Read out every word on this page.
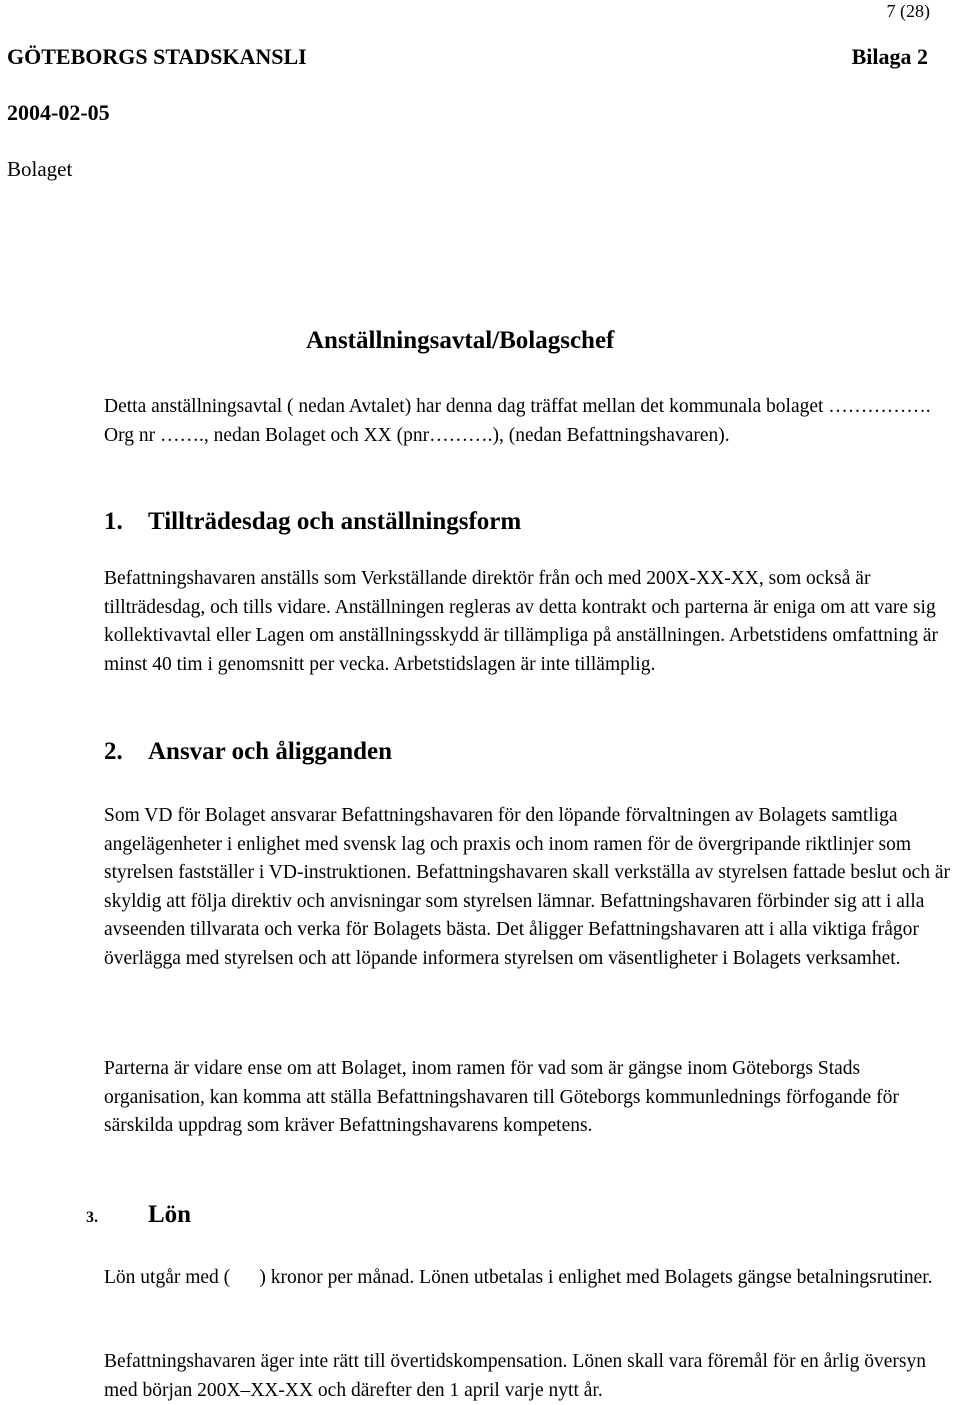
7 (28)
GÖTEBORGS STADSKANSLI	Bilaga 2
2004-02-05
Bolaget
Anställningsavtal/Bolagschef

Detta anställningsavtal ( nedan Avtalet) har denna dag träffat mellan det kommunala bolaget ……………. Org nr ……., nedan Bolaget och XX (pnr……….), (nedan Befattningshavaren).

1. Tillträdesdag och anställningsform

Befattningshavaren anställs som Verkställande direktör från och med 200X-XX-XX, som också är tillträdesdag, och tills vidare. Anställningen regleras av detta kontrakt och parterna är eniga om att vare sig kollektivavtal eller Lagen om anställningsskydd är tillämpliga på anställningen. Arbetstidens omfattning är minst 40 tim i genomsnitt per vecka. Arbetstidslagen är inte tillämplig.

2. Ansvar och åligganden

Som VD för Bolaget ansvarar Befattningshavaren för den löpande förvaltningen av Bolagets samtliga angelägenheter i enlighet med svensk lag och praxis och inom ramen för de övergripande riktlinjer som styrelsen fastställer i VD-instruktionen. Befattningshavaren skall verkställa av styrelsen fattade beslut och är skyldig att följa direktiv och anvisningar som styrelsen lämnar. Befattningshavaren förbinder sig att i alla avseenden tillvarata och verka för Bolagets bästa. Det åligger Befattningshavaren att i alla viktiga frågor överlägga med styrelsen och att löpande informera styrelsen om väsentligheter i Bolagets verksamhet.

Parterna är vidare ense om att Bolaget, inom ramen för vad som är gängse inom Göteborgs Stads organisation, kan komma att ställa Befattningshavaren till Göteborgs kommunlednings förfogande för särskilda uppdrag som kräver Befattningshavarens kompetens.

3. Lön

Lön utgår med (      ) kronor per månad. Lönen utbetalas i enlighet med Bolagets gängse betalningsrutiner.

Befattningshavaren äger inte rätt till övertidskompensation. Lönen skall vara föremål för en årlig översyn med början 200X–XX-XX och därefter den 1 april varje nytt år.
